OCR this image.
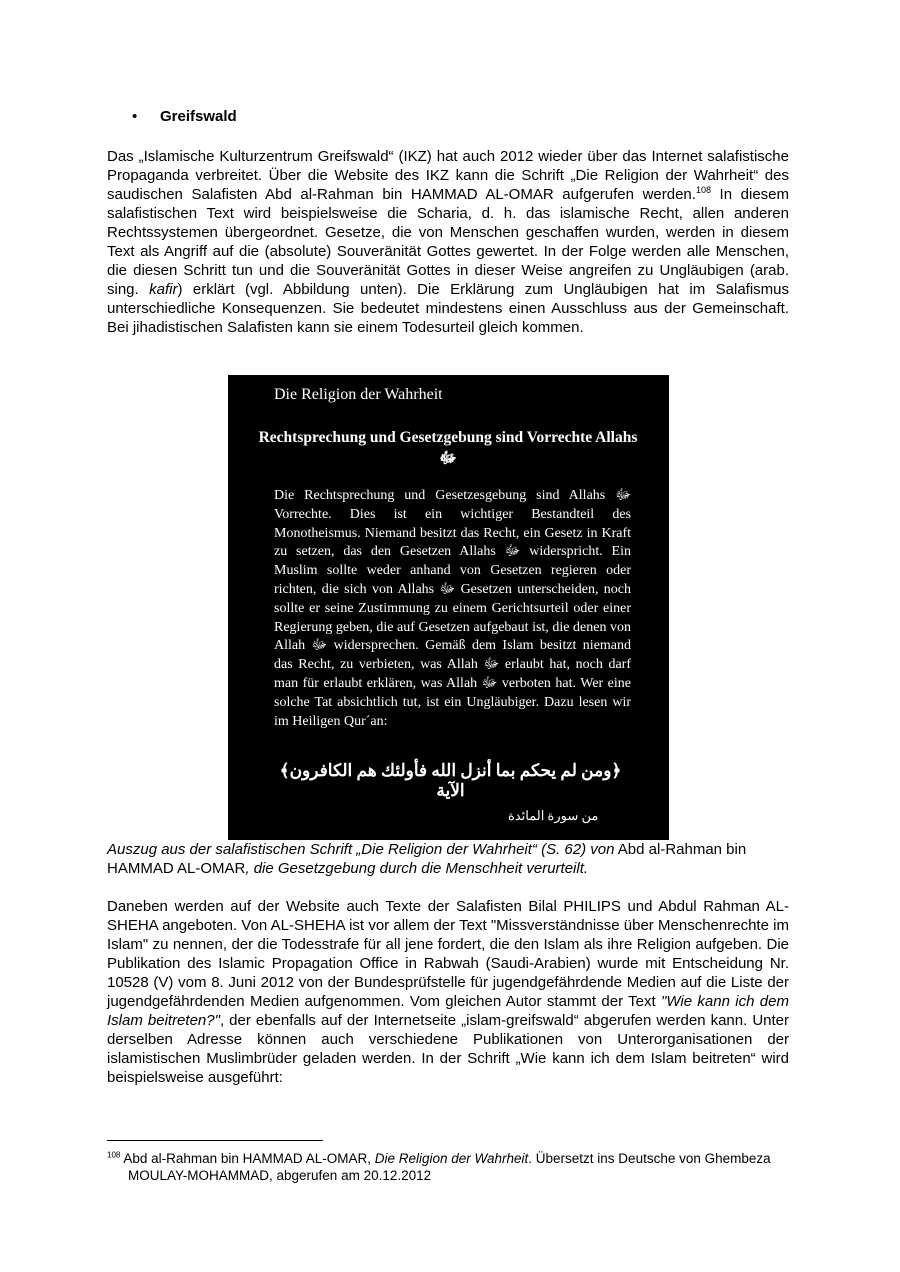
• Greifswald
Das „Islamische Kulturzentrum Greifswald“ (IKZ) hat auch 2012 wieder über das Internet salafistische Propaganda verbreitet. Über die Website des IKZ kann die Schrift „Die Religion der Wahrheit“ des saudischen Salafisten Abd al-Rahman bin HAMMAD AL-OMAR aufgerufen werden.$^{108}$ In diesem salafistischen Text wird beispielsweise die Scharia, d. h. das islamische Recht, allen anderen Rechtssystemen übergeordnet. Gesetze, die von Menschen geschaffen wurden, werden in diesem Text als Angriff auf die (absolute) Souveränität Gottes gewertet. In der Folge werden alle Menschen, die diesen Schritt tun und die Souveränität Gottes in dieser Weise angreifen zu Ungläubigen (arab. sing. kafir) erklärt (vgl. Abbildung unten). Die Erklärung zum Ungläubigen hat im Salafismus unterschiedliche Konsequenzen. Sie bedeutet mindestens einen Ausschluss aus der Gemeinschaft. Bei jihadistischen Salafisten kann sie einem Todesurteil gleich kommen.
Die Religion der Wahrheit
Rechtsprechung und Gesetzgebung sind Vorrechte Allahs ﷻ
Die Rechtsprechung und Gesetzesgebung sind Allahs ﷻ Vorrechte. Dies ist ein wichtiger Bestandteil des Monotheismus. Niemand besitzt das Recht, ein Gesetz in Kraft zu setzen, das den Gesetzen Allahs ﷻ widerspricht. Ein Muslim sollte weder anhand von Gesetzen regieren oder richten, die sich von Allahs ﷻ Gesetzen unterscheiden, noch sollte er seine Zustimmung zu einem Gerichtsurteil oder einer Regierung geben, die auf Gesetzen aufgebaut ist, die denen von Allah ﷻ widersprechen. Gemäß dem Islam besitzt niemand das Recht, zu verbieten, was Allah ﷻ erlaubt hat, noch darf man für erlaubt erklären, was Allah ﷻ verboten hat. Wer eine solche Tat absichtlich tut, ist ein Ungläubiger. Dazu lesen wir im Heiligen Qur´an:
﴿ومن لم يحكم بما أنزل الله فأولئك هم الكافرون﴾ الآية
من سورة المائدة
Auszug aus der salafistischen Schrift „Die Religion der Wahrheit“ (S. 62) von Abd al-Rahman bin HAMMAD AL-OMAR, die Gesetzgebung durch die Menschheit verurteilt.
Daneben werden auf der Website auch Texte der Salafisten Bilal PHILIPS und Abdul Rahman AL-SHEHA angeboten. Von AL-SHEHA ist vor allem der Text "Missverständnisse über Menschenrechte im Islam" zu nennen, der die Todesstrafe für all jene fordert, die den Islam als ihre Religion aufgeben. Die Publikation des Islamic Propagation Office in Rabwah (Saudi-Arabien) wurde mit Entscheidung Nr. 10528 (V) vom 8. Juni 2012 von der Bundesprüfstelle für jugendgefährdende Medien auf die Liste der jugendgefährdenden Medien aufgenommen. Vom gleichen Autor stammt der Text "Wie kann ich dem Islam beitreten?", der ebenfalls auf der Internetseite „islam-greifswald“ abgerufen werden kann. Unter derselben Adresse können auch verschiedene Publikationen von Unterorganisationen der islamistischen Muslimbrüder geladen werden. In der Schrift „Wie kann ich dem Islam beitreten“ wird beispielsweise ausgeführt:
$^{108}$ Abd al-Rahman bin HAMMAD AL-OMAR, Die Religion der Wahrheit. Übersetzt ins Deutsche von Ghembeza MOULAY-MOHAMMAD, abgerufen am 20.12.2012
